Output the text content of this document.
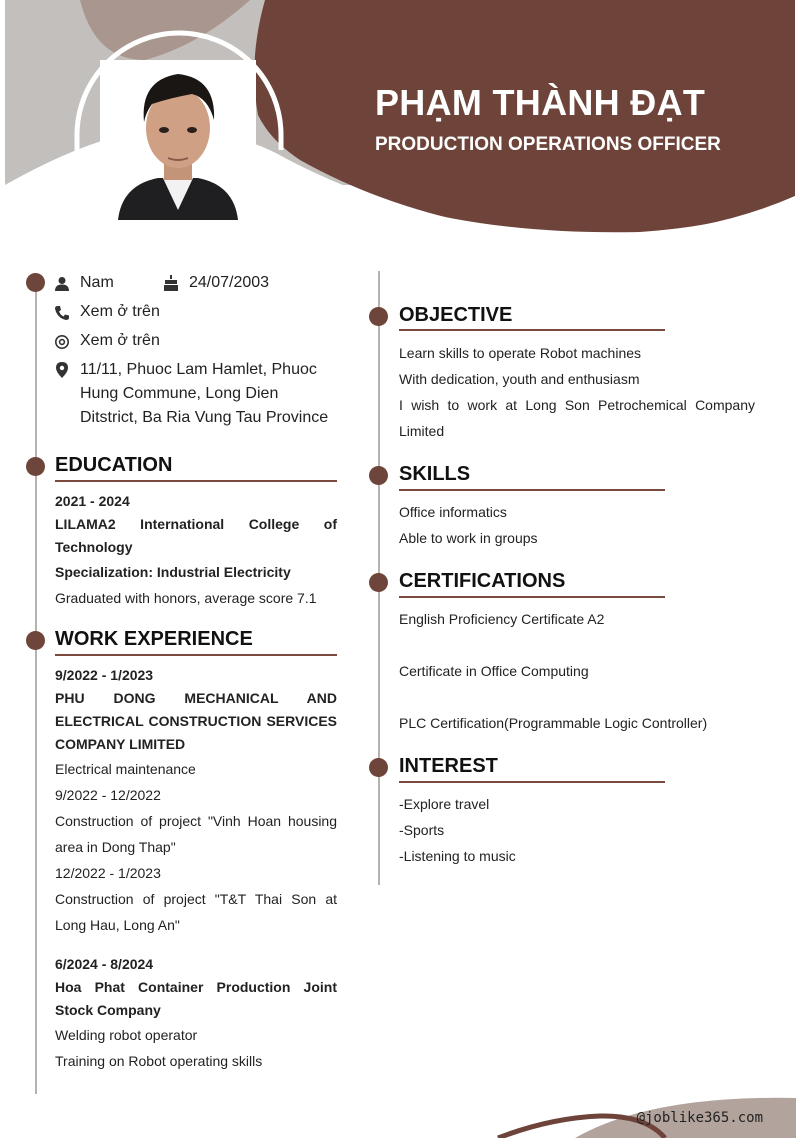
PHẠM THÀNH ĐẠT
PRODUCTION OPERATIONS OFFICER
Nam	24/07/2003
Xem ở trên
Xem ở trên
11/11, Phuoc Lam Hamlet, Phuoc
Hung Commune, Long Dien
Ditstrict, Ba Ria Vung Tau Province
EDUCATION
2021 - 2024
LILAMA2 International College of Technology
Specialization: Industrial Electricity
Graduated with honors, average score 7.1
WORK EXPERIENCE
9/2022 - 1/2023
PHU DONG MECHANICAL AND ELECTRICAL CONSTRUCTION SERVICES COMPANY LIMITED
Electrical maintenance
9/2022 - 12/2022
Construction of project "Vinh Hoan housing area in Dong Thap"
12/2022 - 1/2023
Construction of project "T&T Thai Son at Long Hau, Long An"
6/2024 - 8/2024
Hoa Phat Container Production Joint Stock Company
Welding robot operator
Training on Robot operating skills
OBJECTIVE
Learn skills to operate Robot machines
With dedication, youth and enthusiasm
I wish to work at Long Son Petrochemical Company Limited
SKILLS
Office informatics
Able to work in groups
CERTIFICATIONS
English Proficiency Certificate A2
Certificate in Office Computing
PLC Certification(Programmable Logic Controller)
INTEREST
-Explore travel
-Sports
-Listening to music
@joblike365.com
